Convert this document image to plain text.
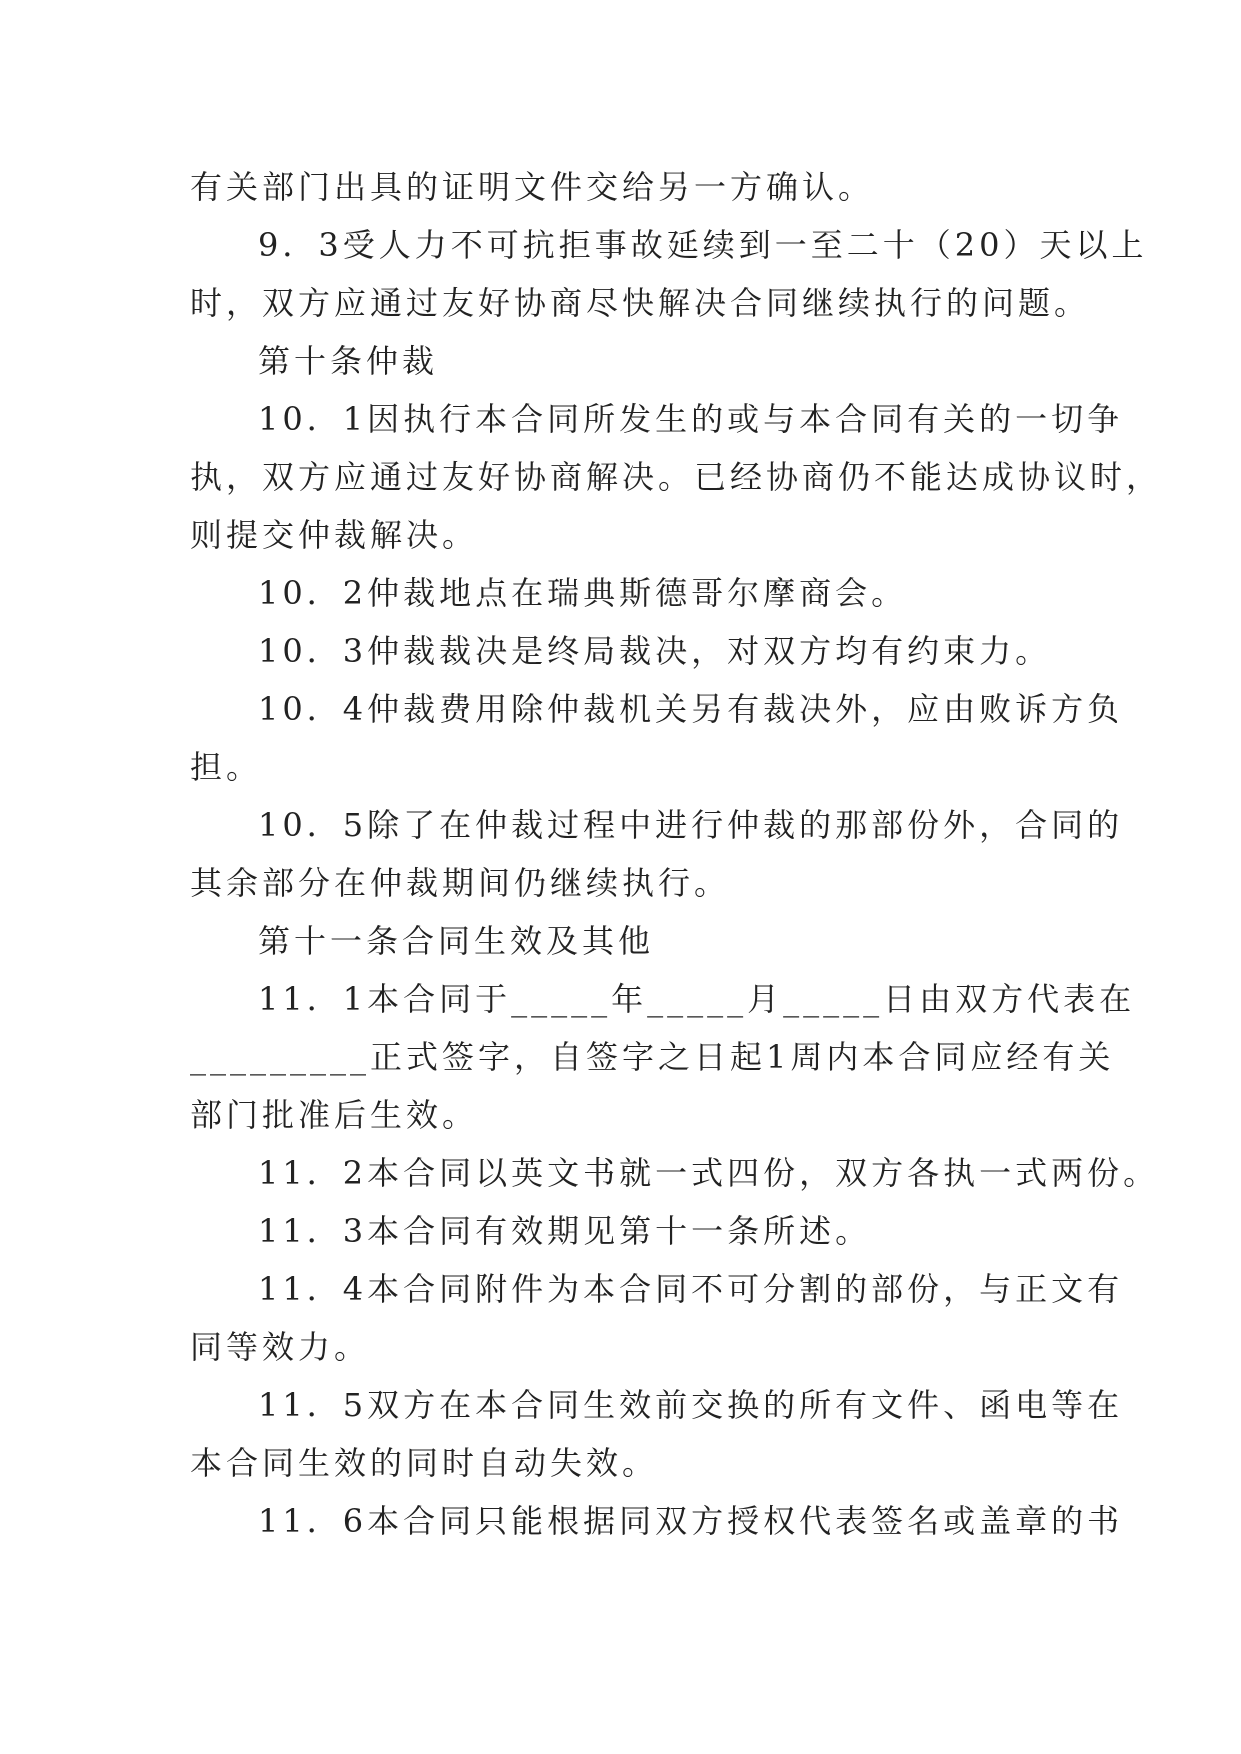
有关部门出具的证明文件交给另一方确认。
9．3受人力不可抗拒事故延续到一至二十（20）天以上
时，双方应通过友好协商尽快解决合同继续执行的问题。
第十条仲裁
10．1因执行本合同所发生的或与本合同有关的一切争
执，双方应通过友好协商解决。已经协商仍不能达成协议时，
则提交仲裁解决。
10．2仲裁地点在瑞典斯德哥尔摩商会。
10．3仲裁裁决是终局裁决，对双方均有约束力。
10．4仲裁费用除仲裁机关另有裁决外，应由败诉方负
担。
10．5除了在仲裁过程中进行仲裁的那部份外，合同的
其余部分在仲裁期间仍继续执行。
第十一条合同生效及其他
11．1本合同于_____年_____月_____日由双方代表在
_________正式签字，自签字之日起1周内本合同应经有关
部门批准后生效。
11．2本合同以英文书就一式四份，双方各执一式两份。
11．3本合同有效期见第十一条所述。
11．4本合同附件为本合同不可分割的部份，与正文有
同等效力。
11．5双方在本合同生效前交换的所有文件、函电等在
本合同生效的同时自动失效。
11．6本合同只能根据同双方授权代表签名或盖章的书
